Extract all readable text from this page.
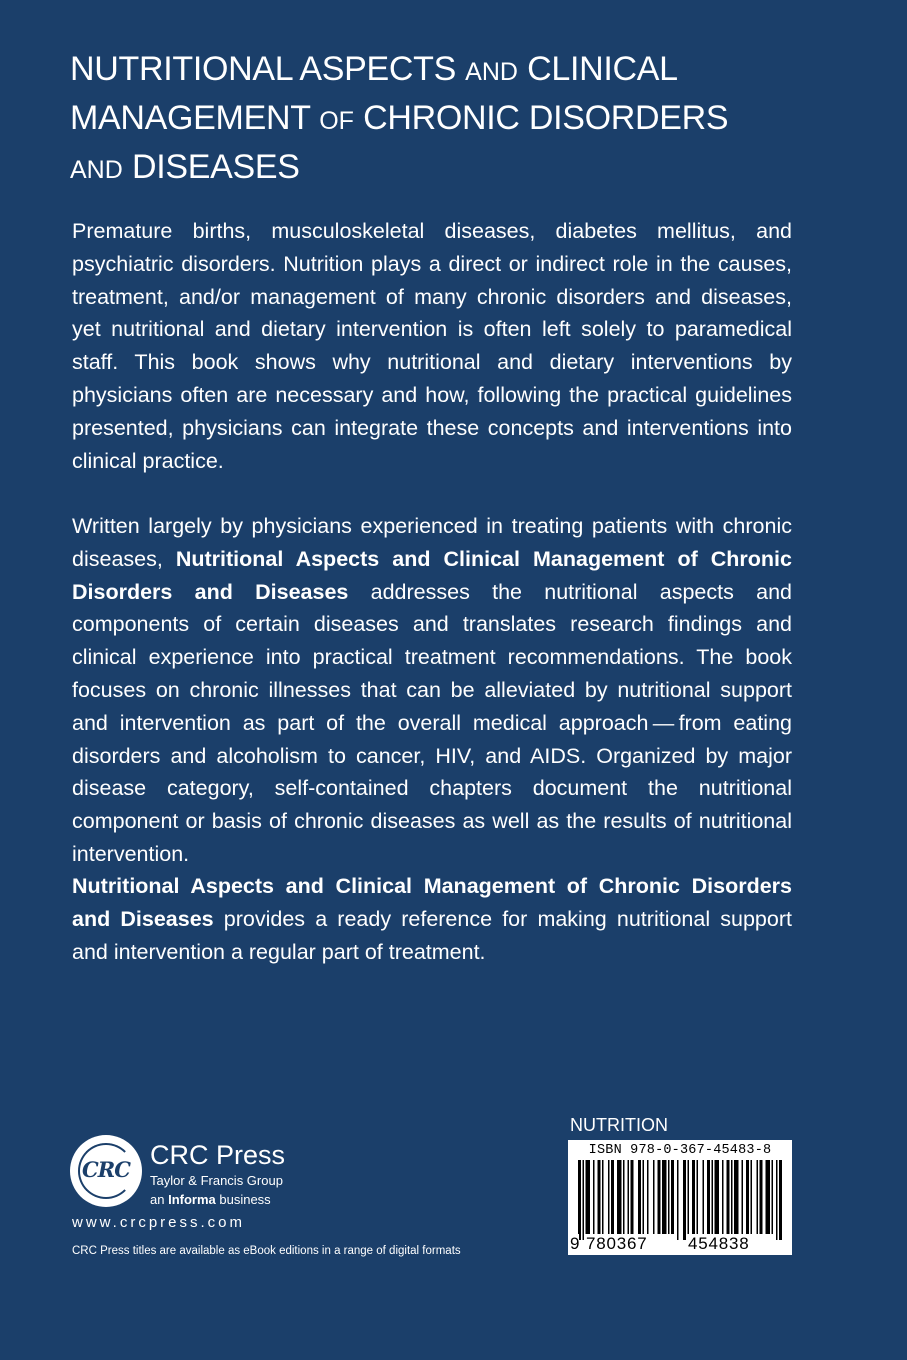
NUTRITIONAL ASPECTS AND CLINICAL
MANAGEMENT OF CHRONIC DISORDERS
AND DISEASES

Premature births, musculoskeletal diseases, diabetes mellitus, and psychiatric disorders. Nutrition plays a direct or indirect role in the causes, treatment, and/or management of many chronic disorders and diseases, yet nutritional and dietary intervention is often left solely to paramedical staff. This book shows why nutritional and dietary interventions by physicians often are necessary and how, following the practical guidelines presented, physicians can integrate these concepts and interventions into clinical practice.

Written largely by physicians experienced in treating patients with chronic diseases, Nutritional Aspects and Clinical Management of Chronic Disorders and Diseases addresses the nutritional aspects and components of certain diseases and translates research findings and clinical experience into practical treatment recommendations. The book focuses on chronic illnesses that can be alleviated by nutritional support and intervention as part of the overall medical approach — from eating disorders and alcoholism to cancer, HIV, and AIDS. Organized by major disease category, self-contained chapters document the nutritional component or basis of chronic diseases as well as the results of nutritional intervention.

Nutritional Aspects and Clinical Management of Chronic Disorders and Diseases provides a ready reference for making nutritional support and intervention a regular part of treatment.

CRC CRC Press
Taylor & Francis Group
an Informa business
www.crcpress.com
CRC Press titles are available as eBook editions in a range of digital formats
NUTRITION
ISBN 978-0-367-45483-8
9 780367 454838
